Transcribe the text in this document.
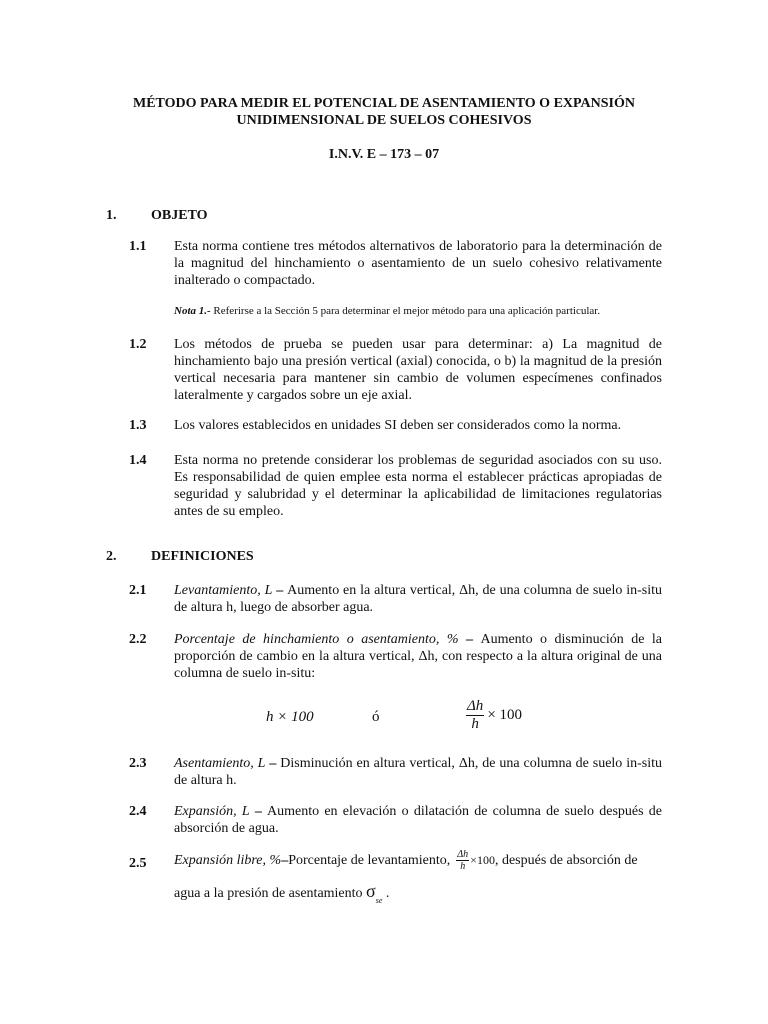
MÉTODO PARA MEDIR EL POTENCIAL DE ASENTAMIENTO O EXPANSIÓN
UNIDIMENSIONAL DE SUELOS COHESIVOS
I.N.V. E – 173 – 07
1. OBJETO
1.1 Esta norma contiene tres métodos alternativos de laboratorio para la determinación de la magnitud del hinchamiento o asentamiento de un suelo cohesivo relativamente inalterado o compactado.
Nota 1.- Referirse a la Sección 5 para determinar el mejor método para una aplicación particular.
1.2 Los métodos de prueba se pueden usar para determinar: a) La magnitud de hinchamiento bajo una presión vertical (axial) conocida, o b) la magnitud de la presión vertical necesaria para mantener sin cambio de volumen especímenes confinados lateralmente y cargados sobre un eje axial.
1.3 Los valores establecidos en unidades SI deben ser considerados como la norma.
1.4 Esta norma no pretende considerar los problemas de seguridad asociados con su uso. Es responsabilidad de quien emplee esta norma el establecer prácticas apropiadas de seguridad y salubridad y el determinar la aplicabilidad de limitaciones regulatorias antes de su empleo.
2. DEFINICIONES
2.1 Levantamiento, L – Aumento en la altura vertical, Δh, de una columna de suelo in-situ de altura h, luego de absorber agua.
2.2 Porcentaje de hinchamiento o asentamiento, % – Aumento o disminución de la proporción de cambio en la altura vertical, Δh, con respecto a la altura original de una columna de suelo in-situ:
h × 100	ó	$\frac{\Delta h}{h} \times 100$
2.3 Asentamiento, L – Disminución en altura vertical, Δh, de una columna de suelo in-situ de altura h.
2.4 Expansión, L – Aumento en elevación o dilatación de columna de suelo después de absorción de agua.
2.5 Expansión libre, % – Porcentaje de levantamiento, $\frac{\Delta h}{h} \times 100$ , después de absorción de
agua a la presión de asentamiento $\sigma_{se}$ .
